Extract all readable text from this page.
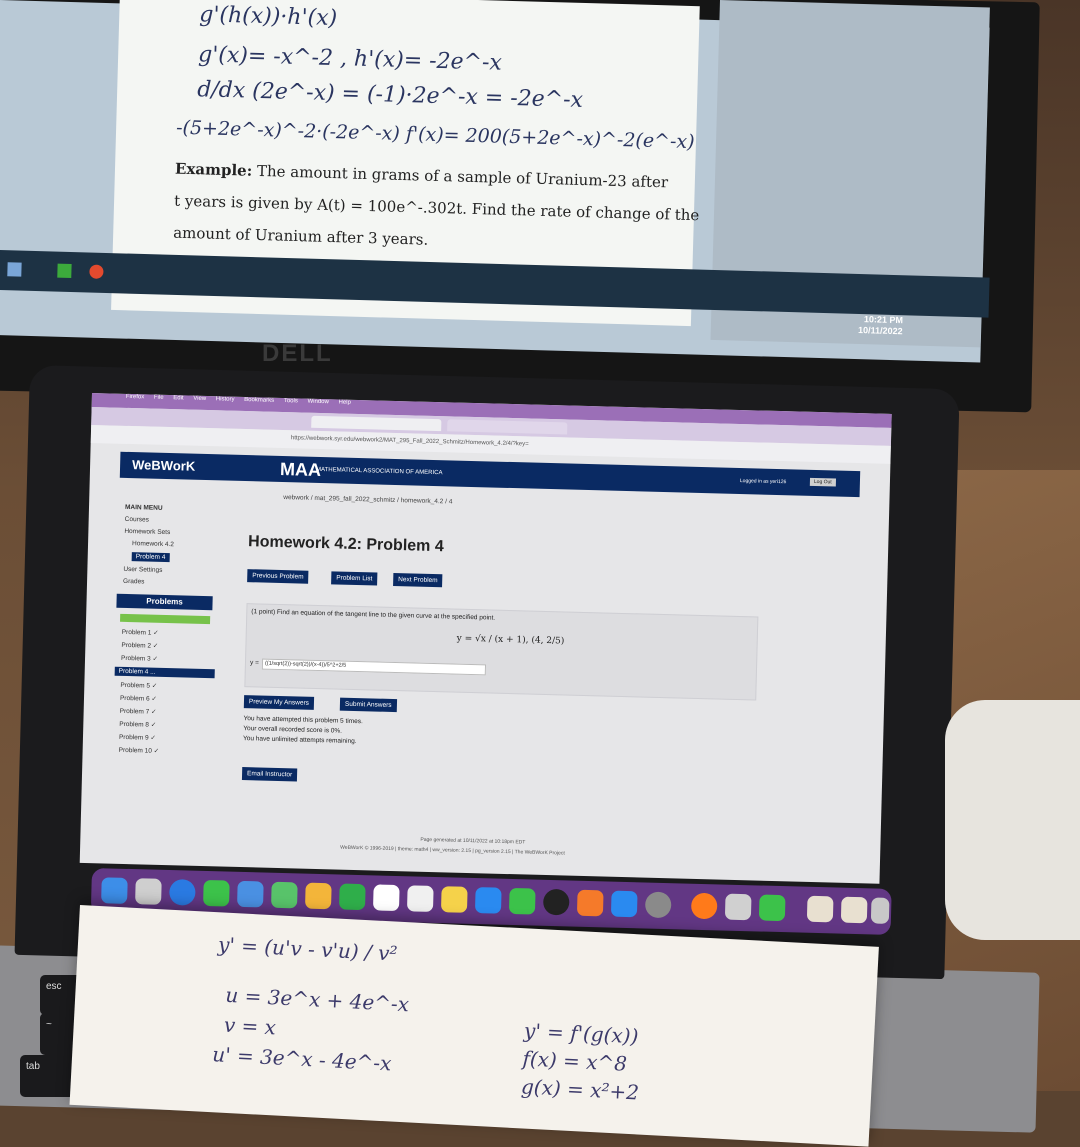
g'(h(x))·h'(x)
g'(x)= -x^-2 , h'(x)= -2e^-x
d/dx (2e^-x) = (-1)·2e^-x = -2e^-x
-(5+2e^-x)^-2·(-2e^-x) f'(x)= 200(5+2e^-x)^-2(e^-x)
Example: The amount in grams of a sample of Uranium-23 after
t years is given by A(t) = 100e^-.302t. Find the rate of change of the
amount of Uranium after 3 years.
10:21 PM
10/11/2022
DELL
esc
~
tab
Firefox File Edit View History Bookmarks Tools Window Help
https://webwork.syr.edu/webwork2/MAT_295_Fall_2022_Schmitz/Homework_4.2/4/?key=
WeBWorK	MAA
MATHEMATICAL ASSOCIATION OF AMERICA
Logged in as yeri126	Log Out
MAIN MENU
Courses
Homework Sets
Homework 4.2
Problem 4
User Settings
Grades
Problems
Problem 1 ✓
Problem 2 ✓
Problem 3 ✓
Problem 4 ...
Problem 5 ✓
Problem 6 ✓
Problem 7 ✓
Problem 8 ✓
Problem 9 ✓
Problem 10 ✓
webwork / mat_295_fall_2022_schmitz / homework_4.2 / 4
Homework 4.2: Problem 4
Previous Problem	Problem List	Next Problem
(1 point) Find an equation of the tangent line to the given curve at the specified point.
y = √x / (x + 1), (4, 2/5)
y =	((1/sqrt(2))-sqrt(2))/(x-4))/5^2+2/5
Preview My Answers	Submit Answers
You have attempted this problem 5 times.
Your overall recorded score is 0%.
You have unlimited attempts remaining.
Email Instructor
Page generated at 10/11/2022 at 10:18pm EDT
WeBWorK © 1996-2019 | theme: math4 | ww_version: 2.15 | pg_version 2.15 | The WeBWorK Project
y' = (u'v - v'u) / v²
u = 3e^x + 4e^-x
v = x
u' = 3e^x - 4e^-x
y' = f'(g(x))
f(x) = x^8
g(x) = x²+2
